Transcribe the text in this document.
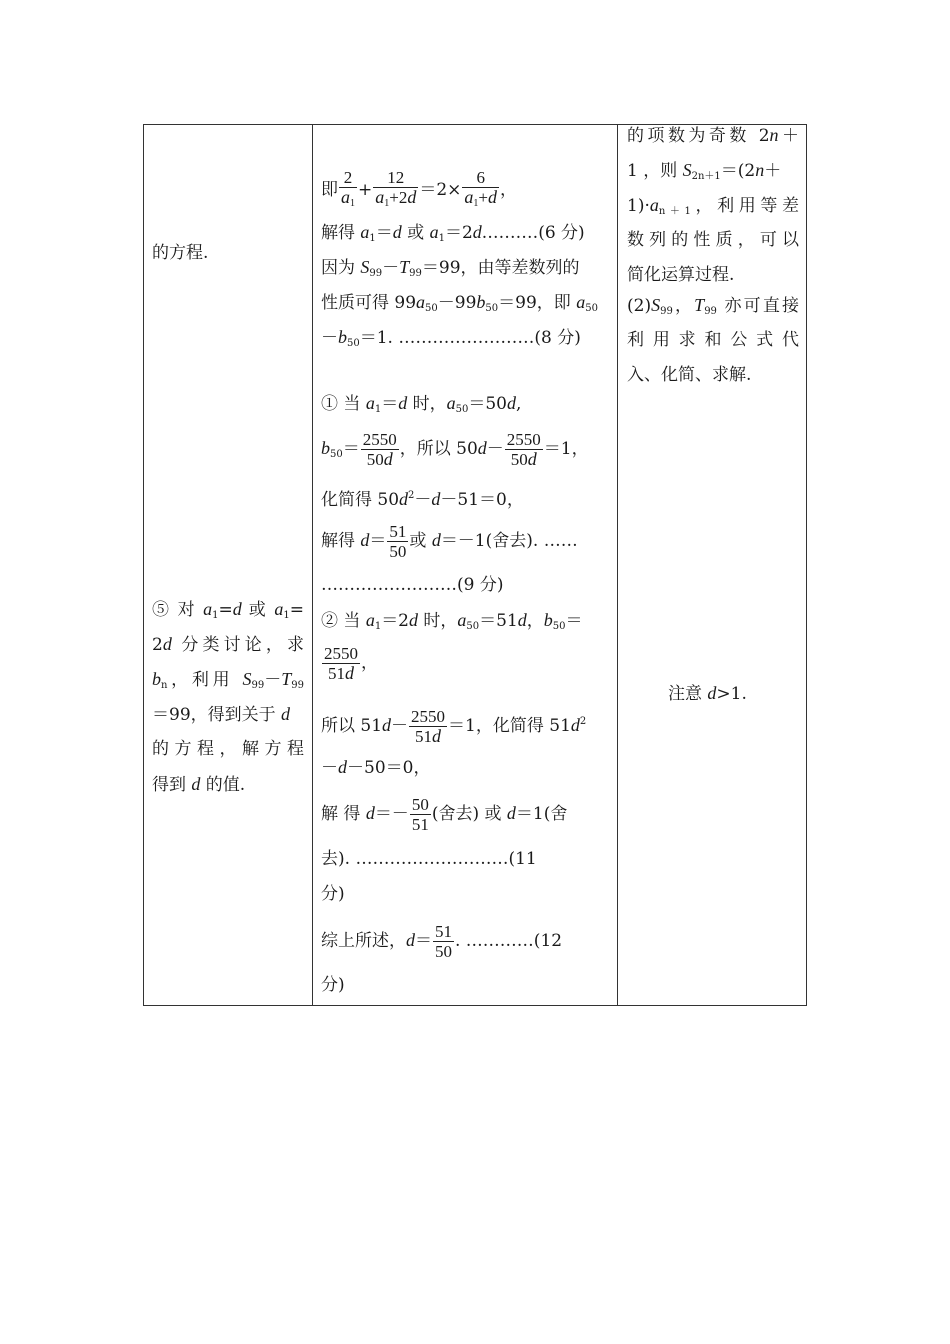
的方程.
⑤ 对 $a_1=d$ 或 $a_1=$
2d 分类讨论，求
$b_n$，利用 $S_{99}-T_{99}$
＝99，得到关于 d
的方程，解方程
得到 d 的值.
即 $\frac{2}{a_1} + \frac{12}{a_1+2d} =2\times \frac{6}{a_1+d}$ ，
解得 $a_1=d$ 或 $a_1=2d.\dots\dots\dots(6$ 分)
因为 $S_{99}-T_{99}=99$，由等差数列的
性质可得 $99a_{50}-99b_{50}=99$，即 $a_{50}$
$-b_{50}=1$. ……………………(8 分)
① 当 $a_1=d$ 时，$a_{50}=50d$,
$b_{50}= \frac{2550}{50d}$ ，所以 $50d- \frac{2550}{50d} =1$，
化简得 $50d^2-d-51=0$，
解得 $d= \frac{51}{50}$ 或 d＝－1(舍去). ……
……………………(9 分)
② 当 $a_1=2d$ 时，$a_{50}=51d$，$b_{50}=$
$\frac{2550}{51d}$ ，
所以 $51d- \frac{2550}{51d} =1$，化简得 $51d^2$
－d－50＝0，
解 得 $d=- \frac{50}{51}$ (舍去) 或 d＝1(舍
去). ………………………(11
分)
综上所述，$d= \frac{51}{50}$ . …………(12
分)
的项数为奇数 2n＋
1 ，则 $S_{2n+1}=(2n+$
$1)\cdot a_{n+1}$，利用等差
数列的性质，可以
简化运算过程.
$(2)S_{99}$，$T_{99}$ 亦可直接
利用求和公式代
入、化简、求解.
注意 d>1.
